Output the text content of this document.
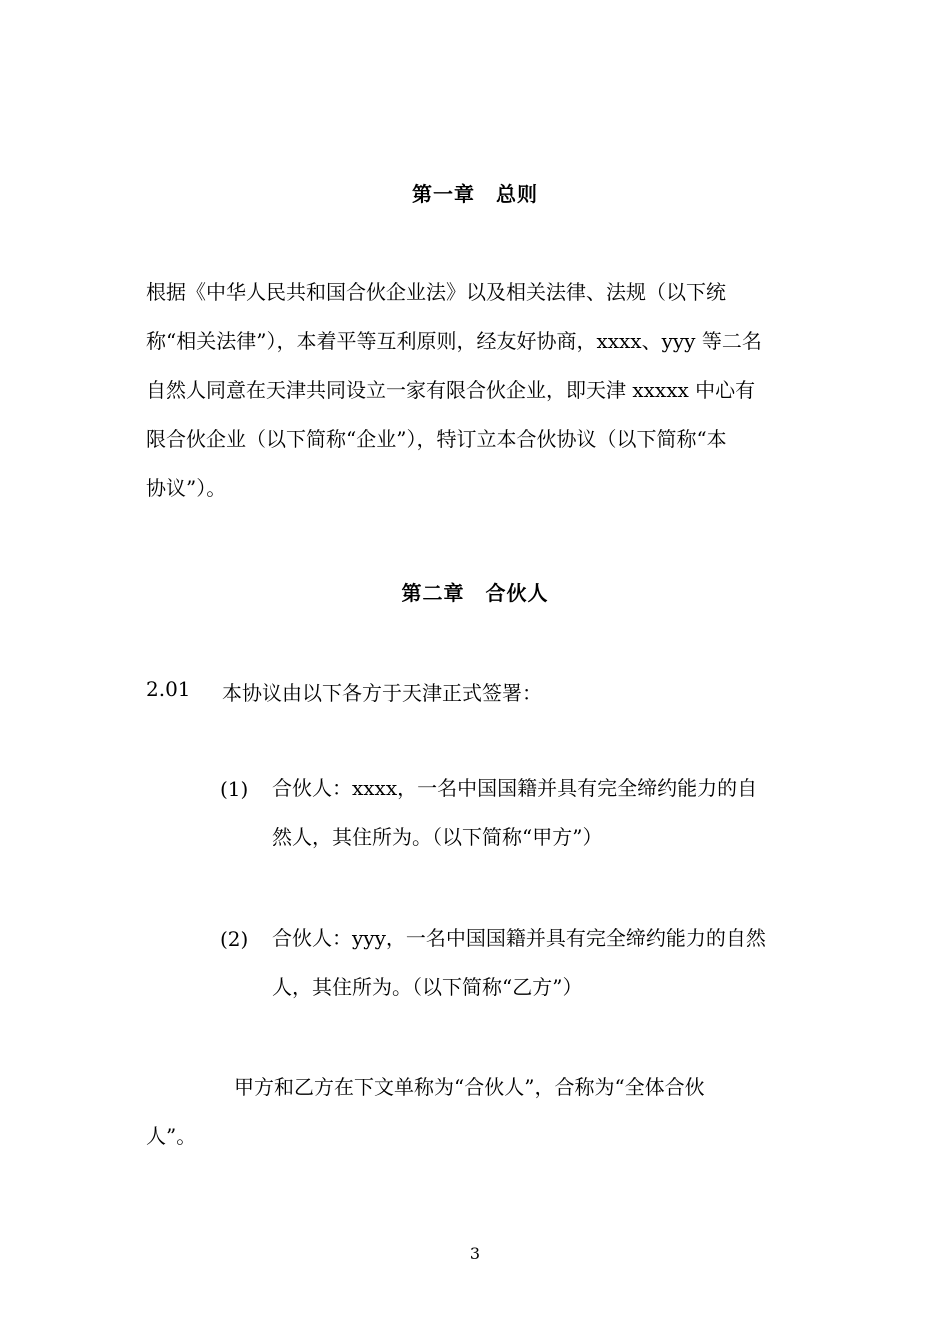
第一章　总则
根据《中华人民共和国合伙企业法》以及相关法律、法规（以下统
称“相关法律”），本着平等互利原则，经友好协商，xxxx、yyy 等二名
自然人同意在天津共同设立一家有限合伙企业，即天津 xxxxx 中心有
限合伙企业（以下简称“企业”），特订立本合伙协议（以下简称“本
协议”）。
第二章　合伙人
2.01 本协议由以下各方于天津正式签署：
(1) 合伙人：xxxx，一名中国国籍并具有完全缔约能力的自
然人，其住所为。（以下简称“甲方”）
(2) 合伙人：yyy，一名中国国籍并具有完全缔约能力的自然
人，其住所为。（以下简称“乙方”）
甲方和乙方在下文单称为“合伙人”，合称为“全体合伙
人”。
3
